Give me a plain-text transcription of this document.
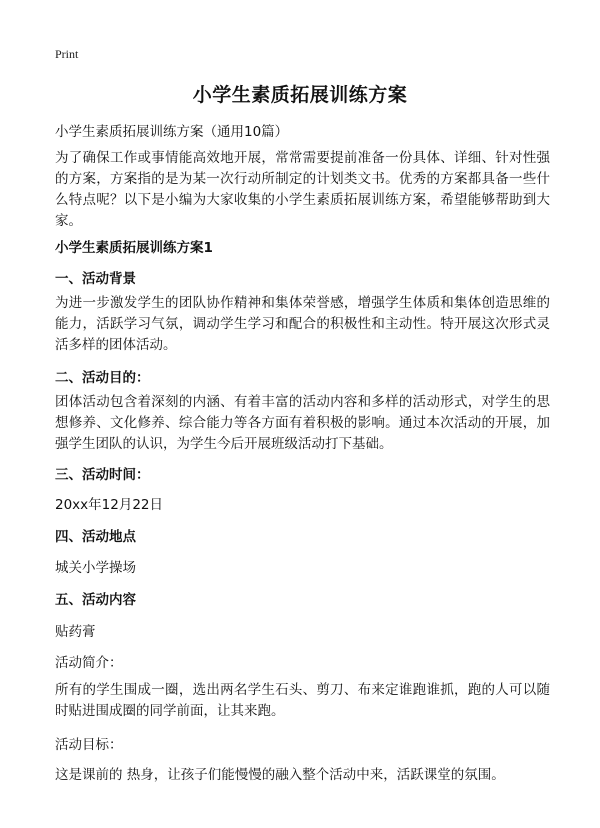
Print
小学生素质拓展训练方案
小学生素质拓展训练方案（通用10篇）
为了确保工作或事情能高效地开展，常常需要提前准备一份具体、详细、针对性强的方案，方案指的是为某一次行动所制定的计划类文书。优秀的方案都具备一些什么特点呢？以下是小编为大家收集的小学生素质拓展训练方案，希望能够帮助到大家。
小学生素质拓展训练方案1
一、活动背景
为进一步激发学生的团队协作精神和集体荣誉感，增强学生体质和集体创造思维的能力，活跃学习气氛，调动学生学习和配合的积极性和主动性。特开展这次形式灵活多样的团体活动。
二、活动目的：
团体活动包含着深刻的内涵、有着丰富的活动内容和多样的活动形式，对学生的思想修养、文化修养、综合能力等各方面有着积极的影响。通过本次活动的开展，加强学生团队的认识，为学生今后开展班级活动打下基础。
三、活动时间：
20xx年12月22日
四、活动地点
城关小学操场
五、活动内容
贴药膏
活动简介：
所有的学生围成一圈，选出两名学生石头、剪刀、布来定谁跑谁抓，跑的人可以随时贴进围成圈的同学前面，让其来跑。
活动目标：
这是课前的 热身，让孩子们能慢慢的融入整个活动中来，活跃课堂的氛围。
